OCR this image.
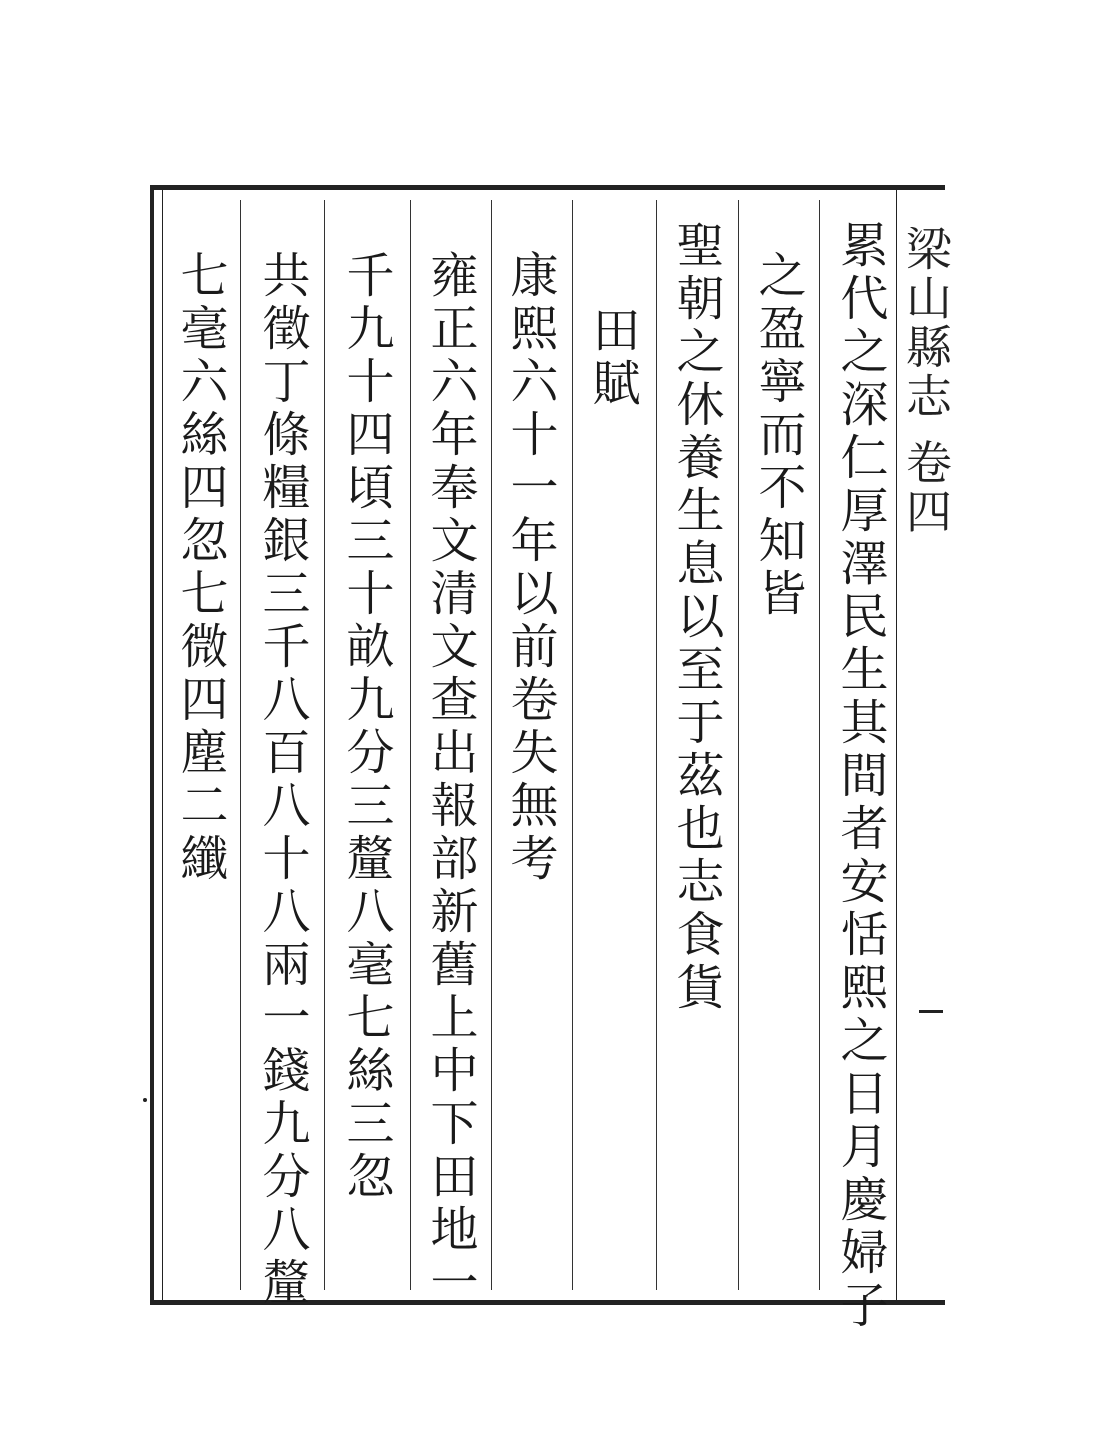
梁山縣志 卷四
累代之深仁厚澤民生其間者安恬熙之日月慶婦子
之盈寧而不知皆
聖朝之休養生息以至于茲也志食貨
田賦
康熙六十一年以前卷失無考
雍正六年奉文清文查出報部新舊上中下田地一
千九十四頃三十畝九分三釐八毫七絲三忽
共徵丁條糧銀三千八百八十八兩一錢九分八釐
七毫六絲四忽七微四塵二纖
